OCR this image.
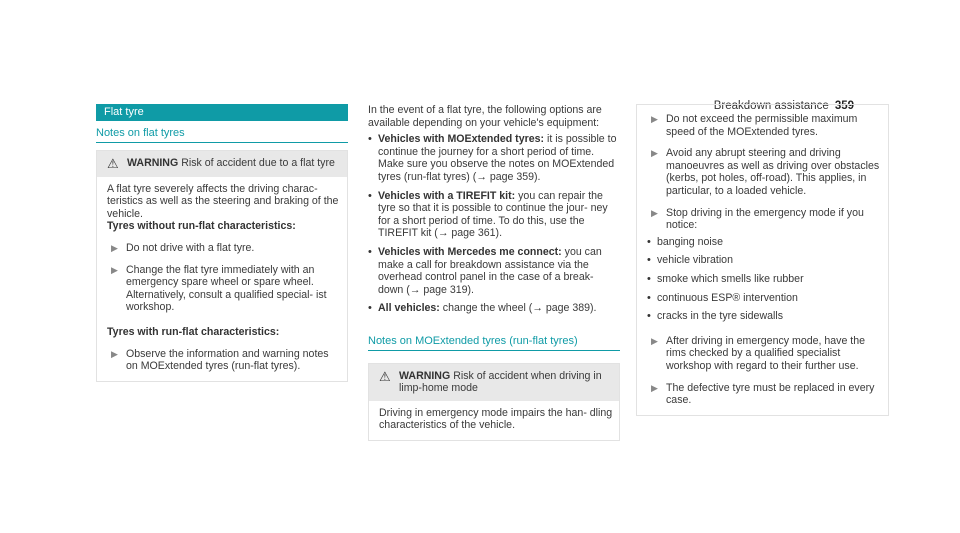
Breakdown assistance 359
Flat tyre
Notes on flat tyres
⚠ WARNING Risk of accident due to a flat tyre

A flat tyre severely affects the driving charac- teristics as well as the steering and braking of the vehicle.

Tyres without run-flat characteristics:

▶ Do not drive with a flat tyre.
▶ Change the flat tyre immediately with an emergency spare wheel or spare wheel. Alternatively, consult a qualified special- ist workshop.

Tyres with run-flat characteristics:

▶ Observe the information and warning notes on MOExtended tyres (run-flat tyres).

In the event of a flat tyre, the following options are available depending on your vehicle's equipment:

• Vehicles with MOExtended tyres: it is possible to continue the journey for a short period of time. Make sure you observe the notes on MOExtended tyres (run-flat tyres) (→ page 359).
• Vehicles with a TIREFIT kit: you can repair the tyre so that it is possible to continue the jour- ney for a short period of time. To do this, use the TIREFIT kit (→ page 361).
• Vehicles with Mercedes me connect: you can make a call for breakdown assistance via the overhead control panel in the case of a break- down (→ page 319).
• All vehicles: change the wheel (→ page 389).
Notes on MOExtended tyres (run-flat tyres)
⚠ WARNING Risk of accident when driving in limp-home mode

Driving in emergency mode impairs the han- dling characteristics of the vehicle.

▶ Do not exceed the permissible maximum speed of the MOExtended tyres.
▶ Avoid any abrupt steering and driving manoeuvres as well as driving over obstacles (kerbs, pot holes, off-road). This applies, in particular, to a loaded vehicle.
▶ Stop driving in the emergency mode if you notice:
• banging noise
• vehicle vibration
• smoke which smells like rubber
• continuous ESP® intervention
• cracks in the tyre sidewalls
▶ After driving in emergency mode, have the rims checked by a qualified specialist workshop with regard to their further use.
▶ The defective tyre must be replaced in every case.
